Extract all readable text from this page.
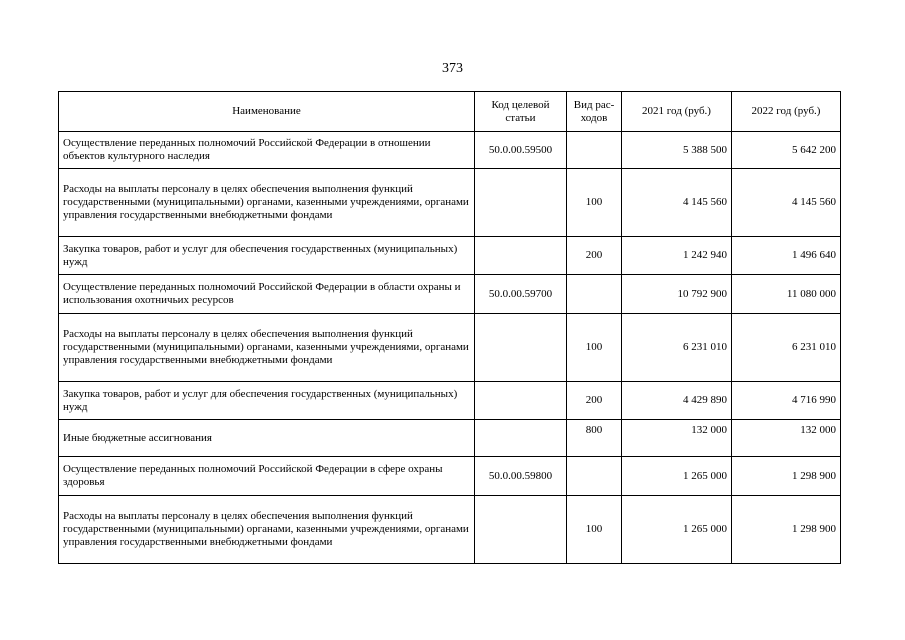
373
Наименование	Код целевой статьи	Вид рас-ходов	2021 год (руб.)	2022 год (руб.)
Осуществление переданных полномочий Российской Федерации в отношении объектов культурного наследия	50.0.00.59500		5 388 500	5 642 200
Расходы на выплаты персоналу в целях обеспечения выполнения функций государственными (муниципальными) органами, казенными учреждениями, органами управления государственными внебюджетными фондами		100	4 145 560	4 145 560
Закупка товаров, работ и услуг для обеспечения государственных (муниципальных) нужд		200	1 242 940	1 496 640
Осуществление переданных полномочий Российской Федерации в области охраны и использования охотничьих ресурсов	50.0.00.59700		10 792 900	11 080 000
Расходы на выплаты персоналу в целях обеспечения выполнения функций государственными (муниципальными) органами, казенными учреждениями, органами управления государственными внебюджетными фондами		100	6 231 010	6 231 010
Закупка товаров, работ и услуг для обеспечения государственных (муниципальных) нужд		200	4 429 890	4 716 990
Иные бюджетные ассигнования		800	132 000	132 000
Осуществление переданных полномочий Российской Федерации в сфере охраны здоровья	50.0.00.59800		1 265 000	1 298 900
Расходы на выплаты персоналу в целях обеспечения выполнения функций государственными (муниципальными) органами, казенными учреждениями, органами управления государственными внебюджетными фондами		100	1 265 000	1 298 900
